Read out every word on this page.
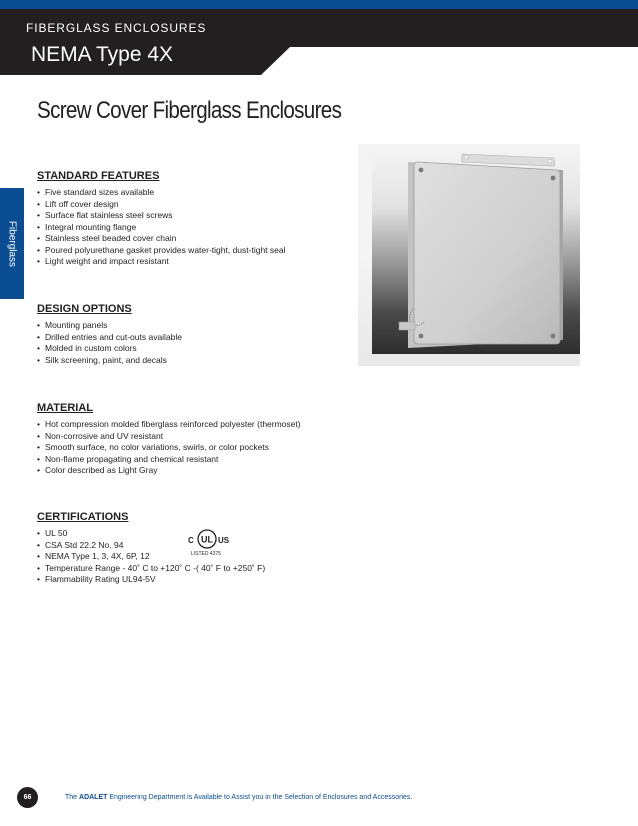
FIBERGLASS ENCLOSURES
NEMA Type 4X
Screw Cover Fiberglass Enclosures
Fiberglass
STANDARD FEATURES
• Five standard sizes available
• Lift off cover design
• Surface flat stainless steel screws
• Integral mounting flange
• Stainless steel beaded cover chain
• Poured polyurethane gasket provides water-tight, dust-tight seal
• Light weight and impact resistant
DESIGN OPTIONS
• Mounting panels
• Drilled entries and cut-outs available
• Molded in custom colors
• Silk screening, paint, and decals
MATERIAL
• Hot compression molded fiberglass reinforced polyester (thermoset)
• Non-corrosive and UV resistant
• Smooth surface, no color variations, swirls, or color pockets
• Non-flame propagating and chemical resistant
• Color described as Light Gray
CERTIFICATIONS
• UL 50
• CSA Std 22.2 No. 94
• NEMA Type 1, 3, 4X, 6P, 12
• Temperature Range - 40˚ C to +120˚ C -( 40˚ F to +250˚ F)
• Flammability Rating UL94-5V
C UL US
LISTED 4375
66	The ADALET Engineering Department is Available to Assist you in the Selection of Enclosures and Accessories.
